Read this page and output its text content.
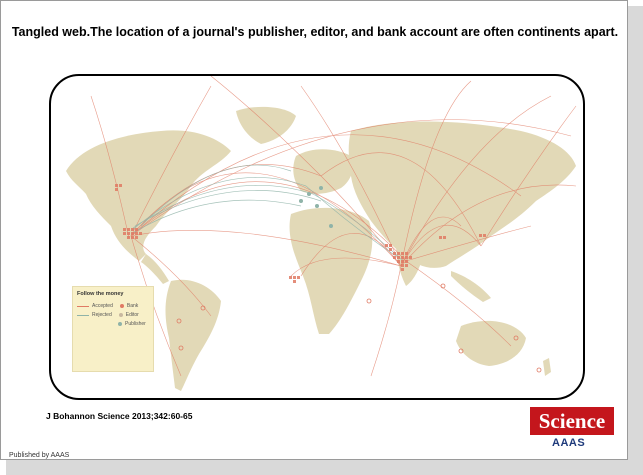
Tangled web.The location of a journal's publisher, editor, and bank account are often continents apart.
Follow the money
Accepted	Bank
Rejected	Editor
Publisher
J Bohannon Science 2013;342:60-65
Published by AAAS
Science
AAAS
